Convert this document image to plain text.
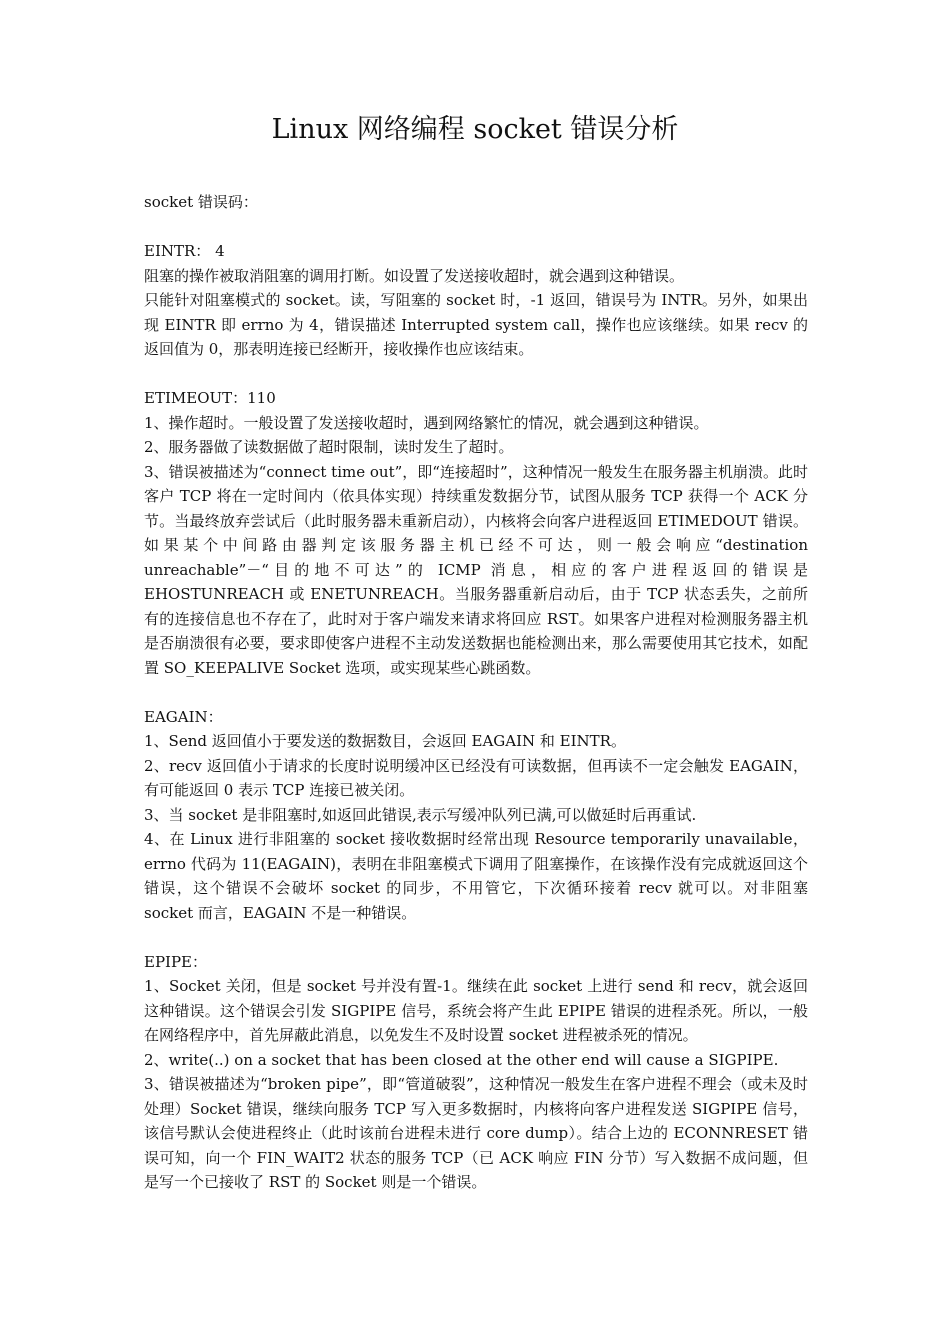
Linux 网络编程 socket 错误分析

socket 错误码：

EINTR： 4

阻塞的操作被取消阻塞的调用打断。如设置了发送接收超时，就会遇到这种错误。

只能针对阻塞模式的 socket。读，写阻塞的 socket 时，-1 返回，错误号为 INTR。另外，如果出现 EINTR 即 errno 为 4，错误描述 Interrupted system call，操作也应该继续。如果 recv 的返回值为 0，那表明连接已经断开，接收操作也应该结束。

ETIMEOUT：110

1、操作超时。一般设置了发送接收超时，遇到网络繁忙的情况，就会遇到这种错误。

2、服务器做了读数据做了超时限制，读时发生了超时。

3、错误被描述为“connect time out”，即“连接超时”，这种情况一般发生在服务器主机崩溃。此时客户 TCP 将在一定时间内（依具体实现）持续重发数据分节，试图从服务 TCP 获得一个 ACK 分节。当最终放弃尝试后（此时服务器未重新启动），内核将会向客户进程返回 ETIMEDOUT 错误。如果某个中间路由器判定该服务器主机已经不可达，则一般会响应“destination unreachable”－“目的地不可达”的 ICMP 消息，相应的客户进程返回的错误是 EHOSTUNREACH 或 ENETUNREACH。当服务器重新启动后，由于 TCP 状态丢失，之前所有的连接信息也不存在了，此时对于客户端发来请求将回应 RST。如果客户进程对检测服务器主机是否崩溃很有必要，要求即使客户进程不主动发送数据也能检测出来，那么需要使用其它技术，如配置 SO_KEEPALIVE Socket 选项，或实现某些心跳函数。

EAGAIN：

1、Send 返回值小于要发送的数据数目，会返回 EAGAIN 和 EINTR。

2、recv 返回值小于请求的长度时说明缓冲区已经没有可读数据，但再读不一定会触发 EAGAIN，有可能返回 0 表示 TCP 连接已被关闭。

3、当 socket 是非阻塞时,如返回此错误,表示写缓冲队列已满,可以做延时后再重试.

4、在 Linux 进行非阻塞的 socket 接收数据时经常出现 Resource temporarily unavailable，errno 代码为 11(EAGAIN)，表明在非阻塞模式下调用了阻塞操作，在该操作没有完成就返回这个错误，这个错误不会破坏 socket 的同步，不用管它，下次循环接着 recv 就可以。对非阻塞 socket 而言，EAGAIN 不是一种错误。

EPIPE：

1、Socket 关闭，但是 socket 号并没有置-1。继续在此 socket 上进行 send 和 recv，就会返回这种错误。这个错误会引发 SIGPIPE 信号，系统会将产生此 EPIPE 错误的进程杀死。所以，一般在网络程序中，首先屏蔽此消息，以免发生不及时设置 socket 进程被杀死的情况。

2、write(..) on a socket that has been closed at the other end will cause a SIGPIPE.

3、错误被描述为“broken pipe”，即“管道破裂”，这种情况一般发生在客户进程不理会（或未及时处理）Socket 错误，继续向服务 TCP 写入更多数据时，内核将向客户进程发送 SIGPIPE 信号，该信号默认会使进程终止（此时该前台进程未进行 core dump）。结合上边的 ECONNRESET 错误可知，向一个 FIN_WAIT2 状态的服务 TCP（已 ACK 响应 FIN 分节）写入数据不成问题，但是写一个已接收了 RST 的 Socket 则是一个错误。
